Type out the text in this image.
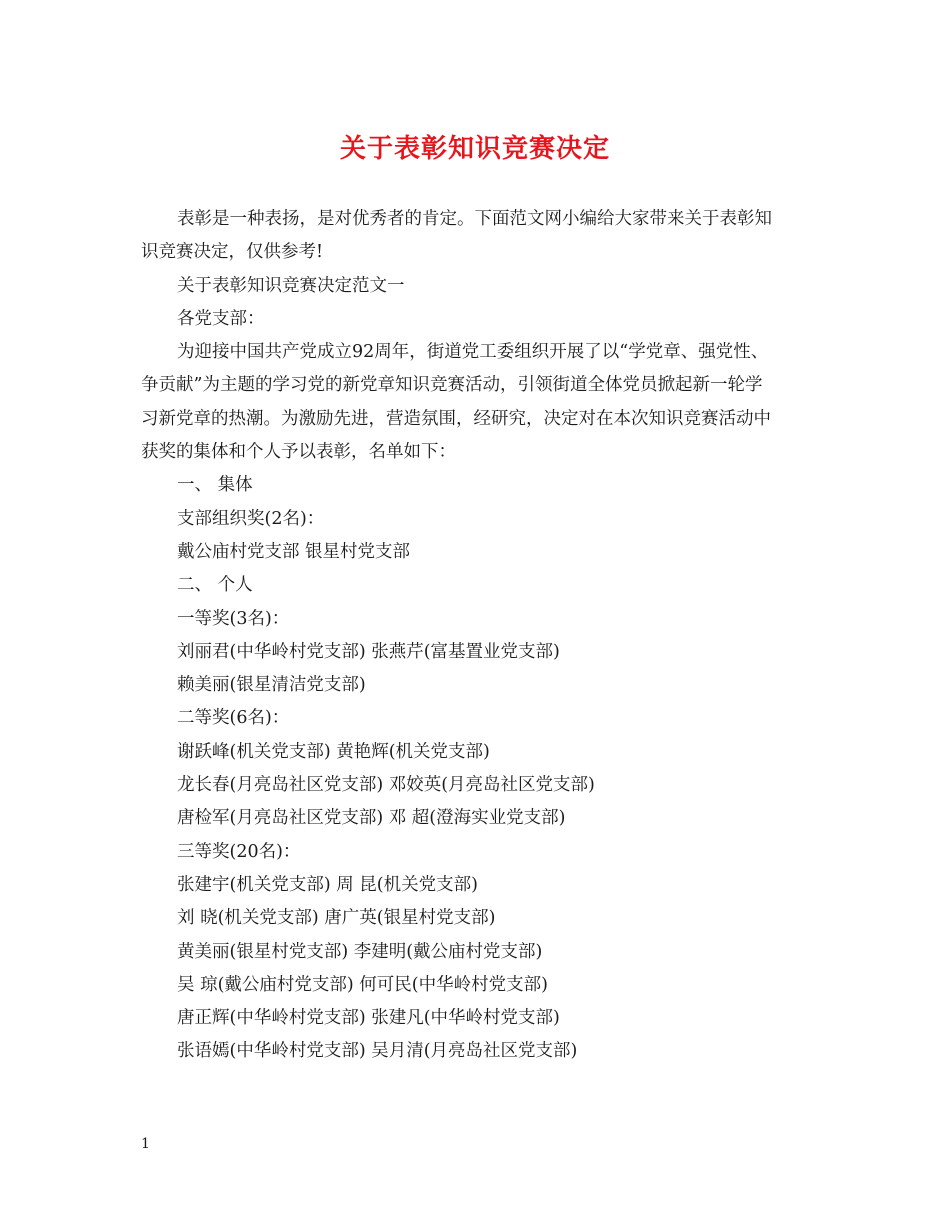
关于表彰知识竞赛决定
表彰是一种表扬，是对优秀者的肯定。下面范文网小编给大家带来关于表彰知
识竞赛决定，仅供参考!
关于表彰知识竞赛决定范文一
各党支部：
为迎接中国共产党成立92周年，街道党工委组织开展了以“学党章、强党性、
争贡献”为主题的学习党的新党章知识竞赛活动，引领街道全体党员掀起新一轮学
习新党章的热潮。为激励先进，营造氛围，经研究，决定对在本次知识竞赛活动中
获奖的集体和个人予以表彰，名单如下：
一、 集体
支部组织奖(2名)：
戴公庙村党支部 银星村党支部
二、 个人
一等奖(3名)：
刘丽君(中华岭村党支部) 张燕芹(富基置业党支部)
赖美丽(银星清洁党支部)
二等奖(6名)：
谢跃峰(机关党支部) 黄艳辉(机关党支部)
龙长春(月亮岛社区党支部) 邓姣英(月亮岛社区党支部)
唐检军(月亮岛社区党支部) 邓 超(澄海实业党支部)
三等奖(20名)：
张建宇(机关党支部) 周 昆(机关党支部)
刘 晓(机关党支部) 唐广英(银星村党支部)
黄美丽(银星村党支部) 李建明(戴公庙村党支部)
吴 琼(戴公庙村党支部) 何可民(中华岭村党支部)
唐正辉(中华岭村党支部) 张建凡(中华岭村党支部)
张语嫣(中华岭村党支部) 吴月清(月亮岛社区党支部)
1
